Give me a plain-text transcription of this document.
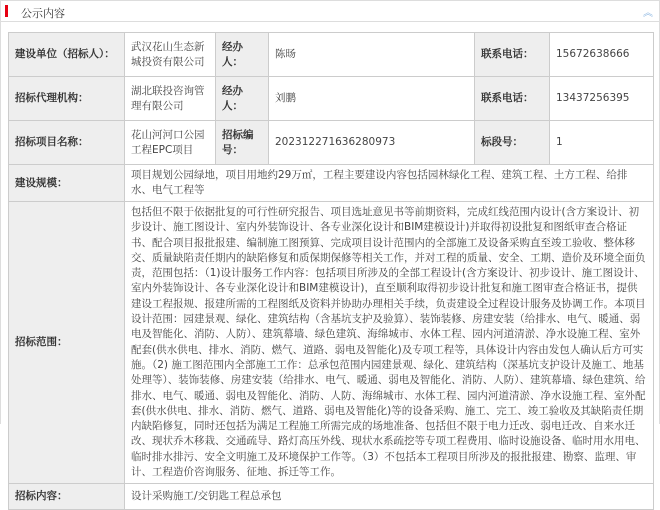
公示内容	︽
建设单位（招标人）：	武汉花山生态新城投资有限公司	经办人：	陈旸	联系电话：	15672638666
招标代理机构：	湖北联投咨询管理有限公司	经办人：	刘鹏	联系电话：	13437256395
招标项目名称：	花山河河口公园工程EPC项目	招标编号：	202312271636280973	标段号：	1
建设规模：	项目规划公园绿地，项目用地约29万㎡，工程主要建设内容包括园林绿化工程、建筑工程、土方工程、给排水、电气工程等				
招标范围：	包括但不限于依据批复的可行性研究报告、项目选址意见书等前期资料，完成红线范围内设计(含方案设计、初步设计、施工图设计、室内外装饰设计、各专业深化设计和BIM建模设计)并取得初设批复和图纸审查合格证书、配合项目报批报建、编制施工图预算、完成项目设计范围内的全部施工及设备采购直至竣工验收、整体移交、质量缺陷责任期内的缺陷修复和质保期保修等相关工作，并对工程的质量、安全、工期、造价及环境全面负责，范围包括：（1)设计服务工作内容：包括项目所涉及的全部工程设计(含方案设计、初步设计、施工图设计、室内外装饰设计、各专业深化设计和BIM建模设计)，直至顺利取得初步设计批复和施工图审查合格证书，提供建设工程报规、报建所需的工程图纸及资料并协助办理相关手续，负责建设全过程设计服务及协调工作。本项目设计范围：园建景观、绿化、建筑结构（含基坑支护及验算）、装饰装修、房建安装（给排水、电气、暖通、弱电及智能化、消防、人防）、建筑幕墙、绿色建筑、海绵城市、水体工程、园内河道清淤、净水设施工程、室外配套(供水供电、排水、消防、燃气、道路、弱电及智能化)及专项工程等，具体设计内容由发包人确认后方可实施。（2) 施工图范围内全部施工工作：总承包范围内园建景观、绿化、建筑结构（深基坑支护设计及施工、地基处理等）、装饰装修、房建安装（给排水、电气、暖通、弱电及智能化、消防、人防）、建筑幕墙、绿色建筑、给排水、电气、暖通、弱电及智能化、消防、人防、海绵城市、水体工程、园内河道清淤、净水设施工程、室外配套(供水供电、排水、消防、燃气、道路、弱电及智能化)等的设备采购、施工、完工、竣工验收及其缺陷责任期内缺陷修复，同时还包括为满足工程施工所需完成的场地准备、包括但不限于电力迁改、弱电迁改、自来水迁改、现状乔木移栽、交通疏导、路灯高压外线、现状水系疏挖等专项工程费用、临时设施设备、临时用水用电、临时排水排污、安全文明施工及环境保护工作等。（3）不包括本工程项目所涉及的报批报建、勘察、监理、审计、工程造价咨询服务、征地、拆迁等工作。				
招标内容：	设计采购施工/交钥匙工程总承包				
